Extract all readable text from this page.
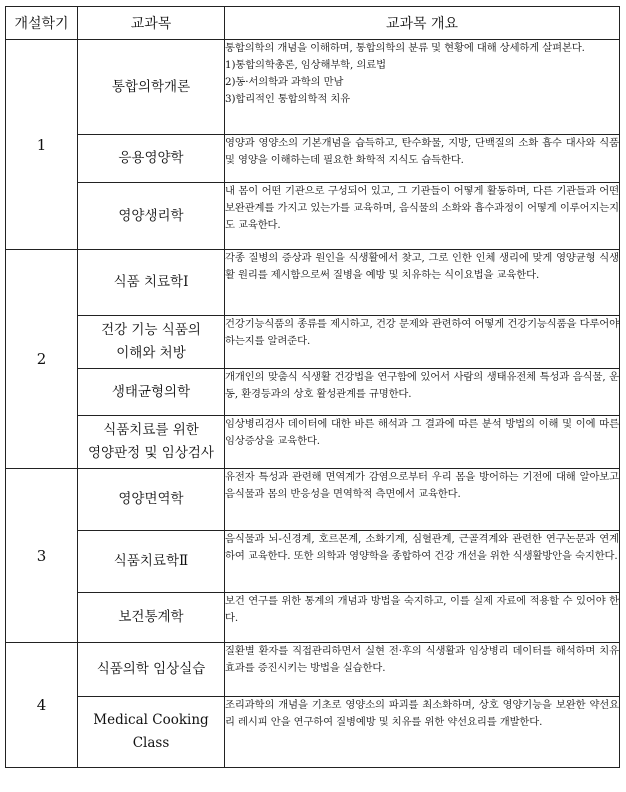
개설학기	교과목	교과목 개요
1	통합의학개론	통합의학의 개념을 이해하며, 통합의학의 분류 및 현황에 대해 상세하게 살펴본다.
1)통합의학총론, 임상해부학, 의료법
2)동·서의학과 과학의 만남
3)합리적인 통합의학적 치유

	응용영양학	영양과 영양소의 기본개념을 습득하고, 탄수화물, 지방, 단백질의 소화 흡수 대사와 식품 및 영양을 이해하는데 필요한 화학적 지식도 습득한다.

	영양생리학	내 몸이 어떤 기관으로 구성되어 있고, 그 기관들이 어떻게 활동하며, 다른 기관들과 어떤 보완관계를 가지고 있는가를 교육하며, 음식물의 소화와 흡수과정이 어떻게 이루어지는지도 교육한다.

2	식품 치료학Ⅰ	각종 질병의 증상과 원인을 식생활에서 찾고, 그로 인한 인체 생리에 맞게 영양균형 식생활 원리를 제시함으로써 질병을 예방 및 치유하는 식이요법을 교육한다.

	건강 기능 식품의
이해와 처방	건강기능식품의 종류를 제시하고, 건강 문제와 관련하여 어떻게 건강기능식품을 다루어야 하는지를 알려준다.

	생태균형의학	개개인의 맞춤식 식생활 건강법을 연구함에 있어서 사람의 생태유전체 특성과 음식물, 운동, 환경등과의 상호 활성관계를 규명한다.

	식품치료를 위한
영양판정 및 임상검사	임상병리검사 데이터에 대한 바른 해석과 그 결과에 따른 분석 방법의 이해 및 이에 따른 임상증상을 교육한다.

3	영양면역학	유전자 특성과 관련해 면역계가 감염으로부터 우리 몸을 방어하는 기전에 대해 알아보고 음식물과 몸의 반응성을 면역학적 측면에서 교육한다.

	식품치료학Ⅱ	음식물과 뇌-신경계, 호르몬계, 소화기계, 심혈관계, 근골격계와 관련한 연구논문과 연계하여 교육한다. 또한 의학과 영양학을 종합하여 건강 개선을 위한 식생활방안을 숙지한다.

	보건통계학	보건 연구를 위한 통계의 개념과 방법을 숙지하고, 이를 실제 자료에 적용할 수 있어야 한다.

4	식품의학 임상실습	질환별 환자를 직접관리하면서 실현 전·후의 식생활과 임상병리 데이터를 해석하며 치유효과를 증진시키는 방법을 실습한다.

	Medical Cooking
Class	조리과학의 개념을 기초로 영양소의 파괴를 최소화하며, 상호 영양기능을 보완한 약선요리 레시피 안을 연구하여 질병예방 및 치유를 위한 약선요리를 개발한다.
